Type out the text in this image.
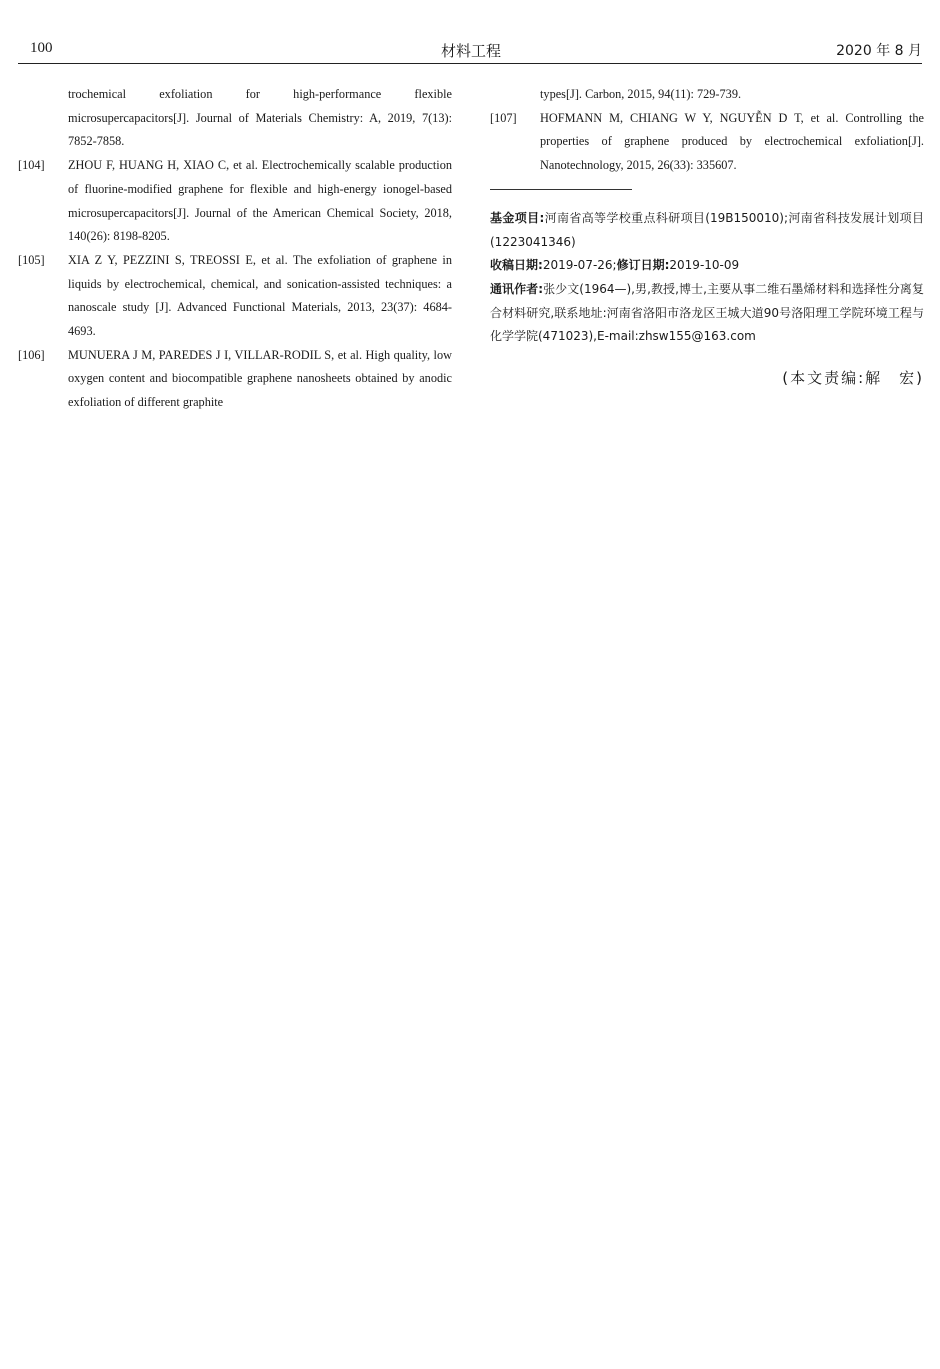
100	材料工程	2020 年 8 月
trochemical exfoliation for high-performance flexible microsupercapacitors[J]. Journal of Materials Chemistry: A, 2019, 7(13): 7852-7858.
[104] ZHOU F, HUANG H, XIAO C, et al. Electrochemically scalable production of fluorine-modified graphene for flexible and high-energy ionogel-based microsupercapacitors[J]. Journal of the American Chemical Society, 2018, 140(26): 8198-8205.
[105] XIA Z Y, PEZZINI S, TREOSSI E, et al. The exfoliation of graphene in liquids by electrochemical, chemical, and sonication-assisted techniques: a nanoscale study [J]. Advanced Functional Materials, 2013, 23(37): 4684-4693.
[106] MUNUERA J M, PAREDES J I, VILLAR-RODIL S, et al. High quality, low oxygen content and biocompatible graphene nanosheets obtained by anodic exfoliation of different graphite
types[J]. Carbon, 2015, 94(11): 729-739.
[107] HOFMANN M, CHIANG W Y, NGUYỄN D T, et al. Controlling the properties of graphene produced by electrochemical exfoliation[J]. Nanotechnology, 2015, 26(33): 335607.
基金项目:河南省高等学校重点科研项目(19B150010);河南省科技发展计划项目(1223041346)
收稿日期:2019-07-26;修订日期:2019-10-09
通讯作者:张少文(1964—),男,教授,博士,主要从事二维石墨烯材料和选择性分离复合材料研究,联系地址:河南省洛阳市洛龙区王城大道90号洛阳理工学院环境工程与化学学院(471023),E-mail:zhsw155@163.com
(本文责编:解　宏)
